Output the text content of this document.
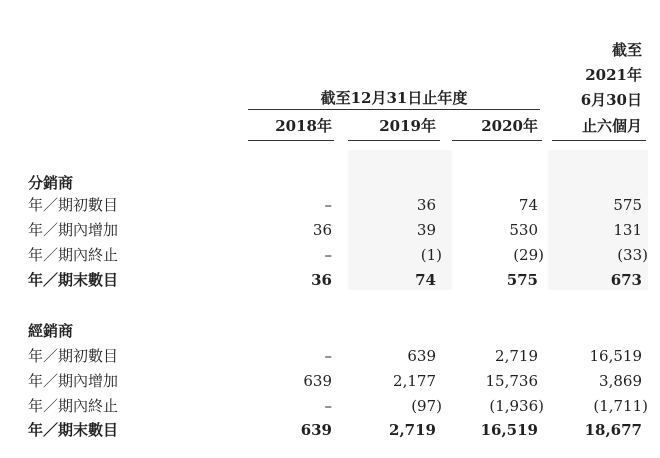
截至
2021年
6月30日
截至12月31日止年度
2018年	2019年	2020年	止六個月
分銷商
年／期初數目	–	36	74	575
年／期內增加	36	39	530	131
年／期內終止	–	(1)	(29)	(33)
年／期末數目	36	74	575	673
經銷商
年／期初數目	–	639	2,719	16,519
年／期內增加	639	2,177	15,736	3,869
年／期內終止	–	(97)	(1,936)	(1,711)
年／期末數目	639	2,719	16,519	18,677
